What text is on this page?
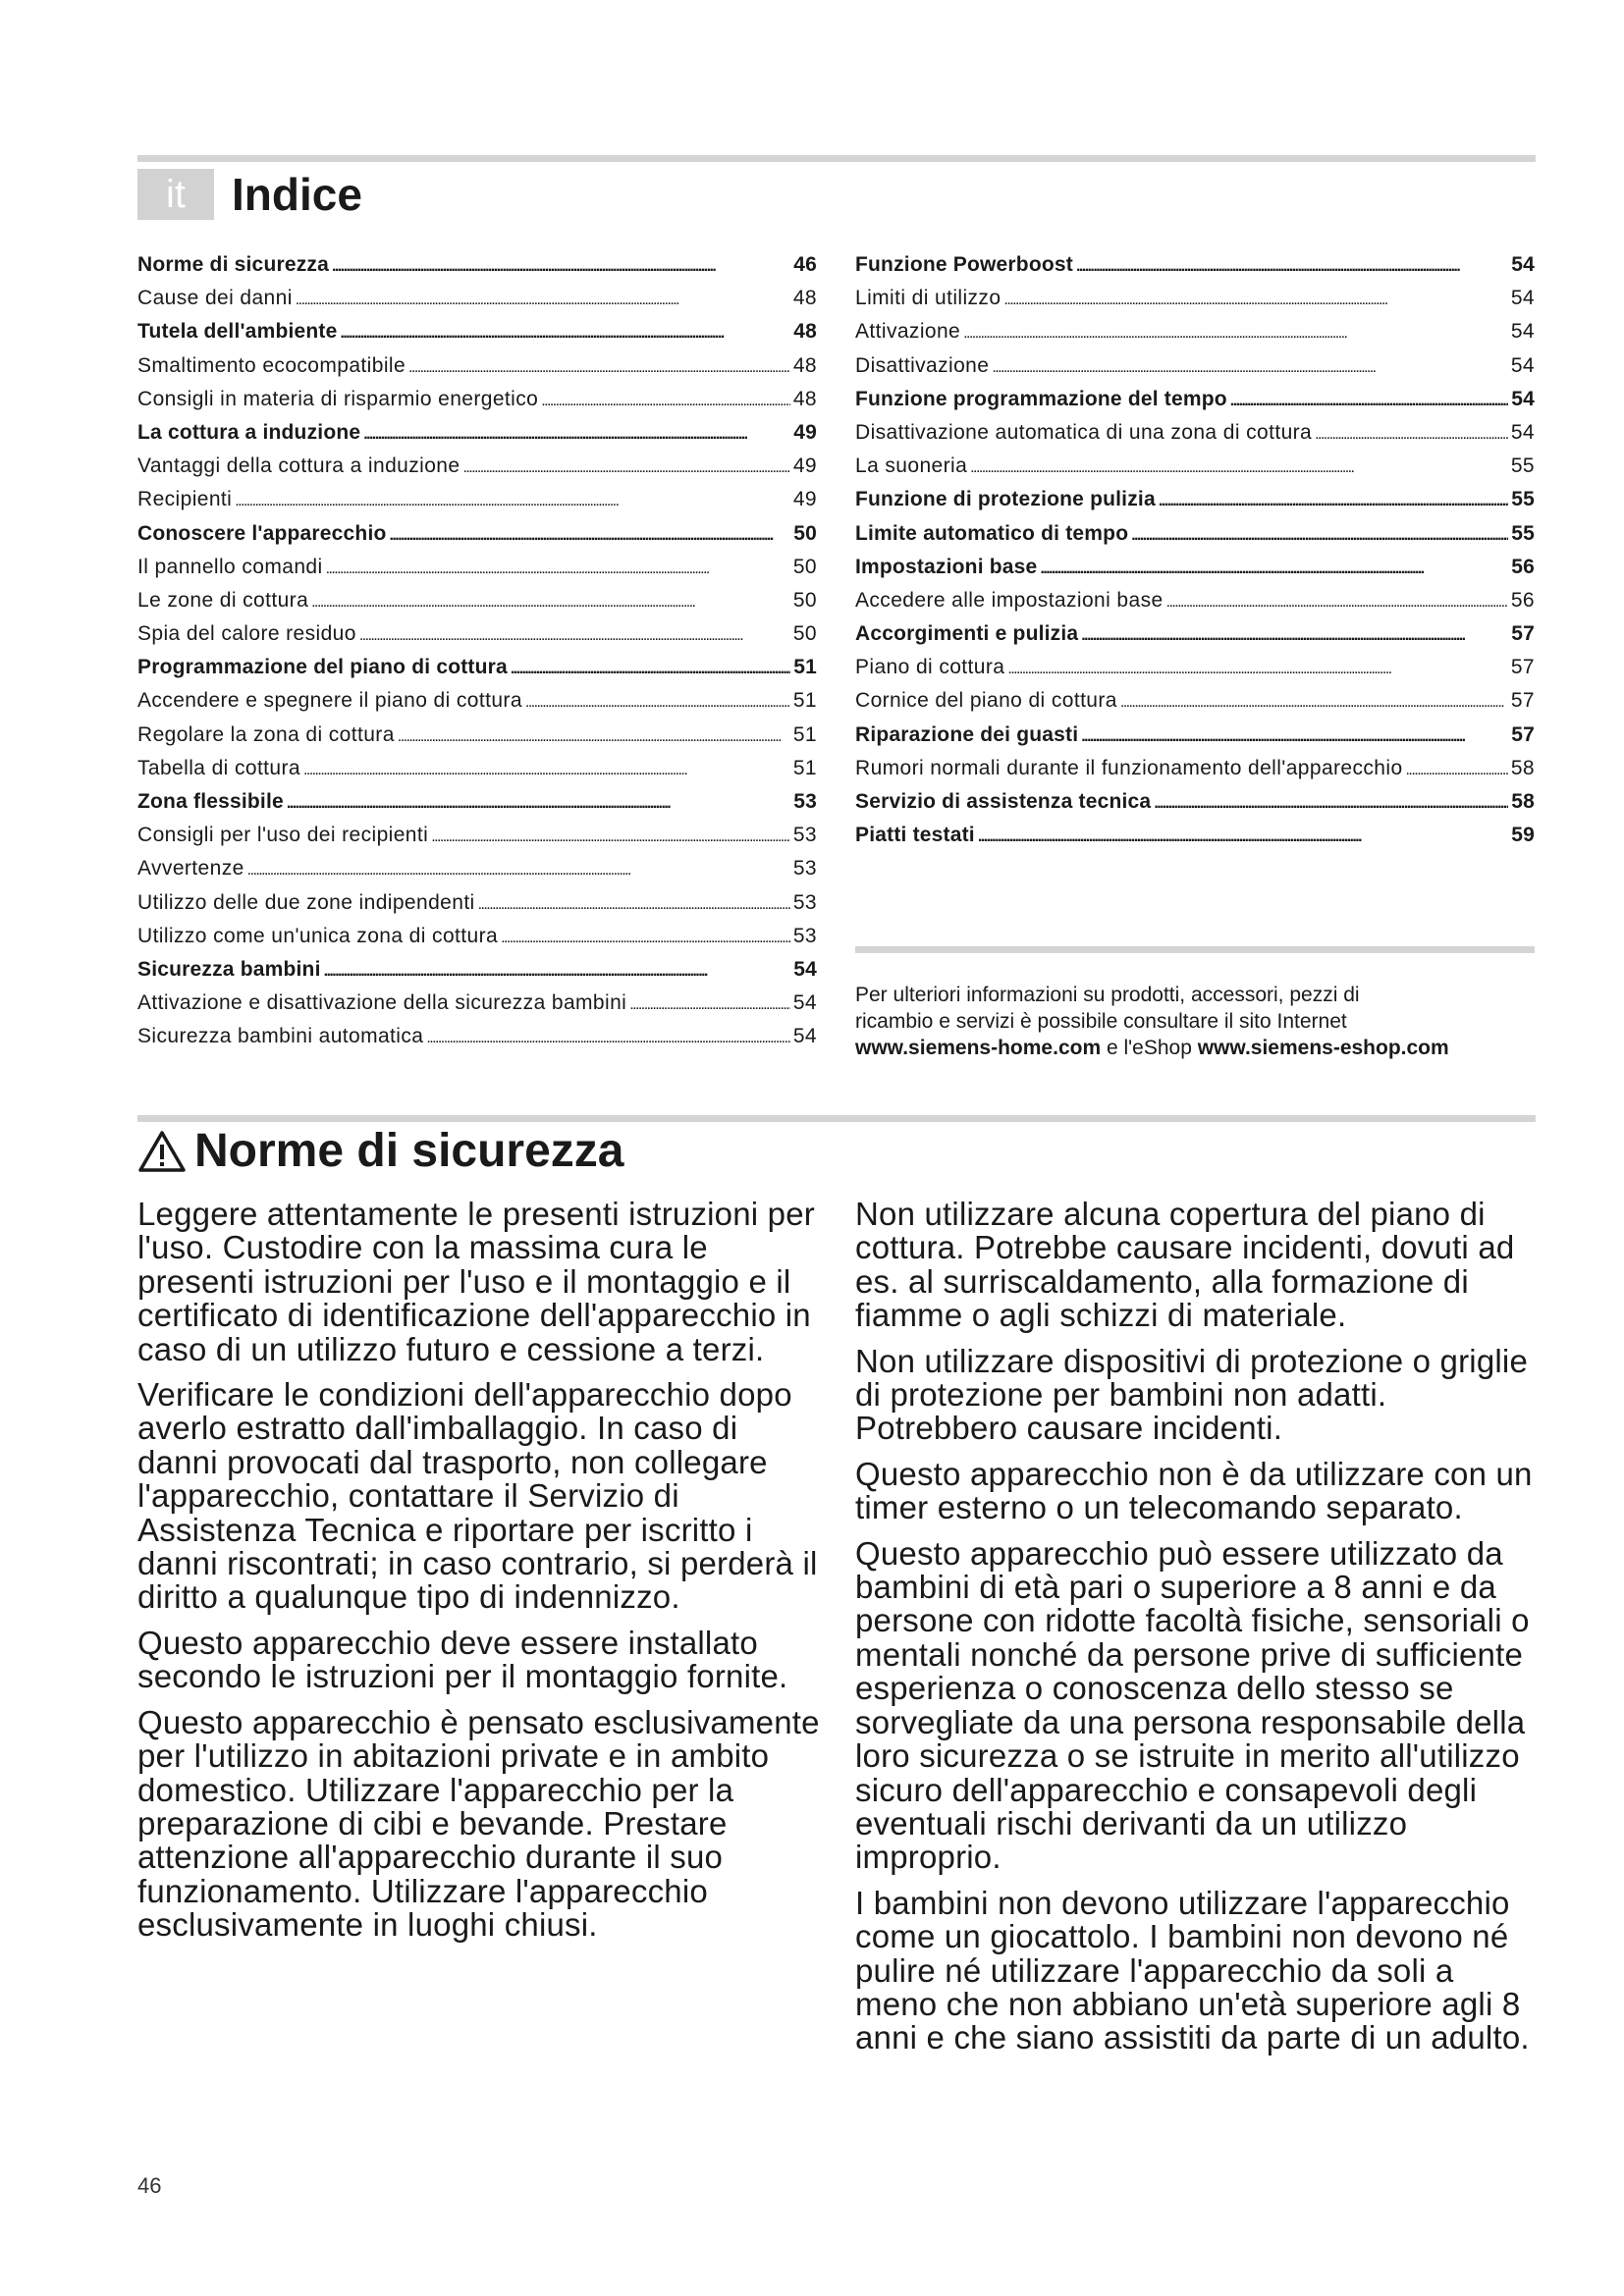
it	Indice
Norme di sicurezza . . .	46
Cause dei danni . . .	48
Tutela dell'ambiente . . .	48
Smaltimento ecocompatibile . . .	48
Consigli in materia di risparmio energetico . . .	48
La cottura a induzione . . .	49
Vantaggi della cottura a induzione . . .	49
Recipienti . . .	49
Conoscere l'apparecchio . . .	50
Il pannello comandi . . .	50
Le zone di cottura . . .	50
Spia del calore residuo . . .	50
Programmazione del piano di cottura . . .	51
Accendere e spegnere il piano di cottura . . .	51
Regolare la zona di cottura . . .	51
Tabella di cottura . . .	51
Zona flessibile . . .	53
Consigli per l'uso dei recipienti . . .	53
Avvertenze . . .	53
Utilizzo delle due zone indipendenti . . .	53
Utilizzo come un'unica zona di cottura . . .	53
Sicurezza bambini . . .	54
Attivazione e disattivazione della sicurezza bambini . . .	54
Sicurezza bambini automatica . . .	54
Funzione Powerboost . . .	54
Limiti di utilizzo . . .	54
Attivazione . . .	54
Disattivazione . . .	54
Funzione programmazione del tempo . . .	54
Disattivazione automatica di una zona di cottura . . .	54
La suoneria . . .	55
Funzione di protezione pulizia . . .	55
Limite automatico di tempo . . .	55
Impostazioni base . . .	56
Accedere alle impostazioni base . . .	56
Accorgimenti e pulizia . . .	57
Piano di cottura . . .	57
Cornice del piano di cottura . . .	57
Riparazione dei guasti . . .	57
Rumori normali durante il funzionamento dell'apparecchio . . .	58
Servizio di assistenza tecnica . . .	58
Piatti testati . . .	59

Per ulteriori informazioni su prodotti, accessori, pezzi di
ricambio e servizi è possibile consultare il sito Internet
www.siemens-home.com e l'eShop www.siemens-eshop.com

Norme di sicurezza

Leggere attentamente le presenti istruzioni per l'uso. Custodire con la massima cura le presenti istruzioni per l'uso e il montaggio e il certificato di identificazione dell'apparecchio in caso di un utilizzo futuro e cessione a terzi.

Verificare le condizioni dell'apparecchio dopo averlo estratto dall'imballaggio. In caso di danni provocati dal trasporto, non collegare l'apparecchio, contattare il Servizio di Assistenza Tecnica e riportare per iscritto i danni riscontrati; in caso contrario, si perderà il diritto a qualunque tipo di indennizzo.

Questo apparecchio deve essere installato secondo le istruzioni per il montaggio fornite.

Questo apparecchio è pensato esclusivamente per l'utilizzo in abitazioni private e in ambito domestico. Utilizzare l'apparecchio per la preparazione di cibi e bevande. Prestare attenzione all'apparecchio durante il suo funzionamento. Utilizzare l'apparecchio esclusivamente in luoghi chiusi.

Non utilizzare alcuna copertura del piano di cottura. Potrebbe causare incidenti, dovuti ad es. al surriscaldamento, alla formazione di fiamme o agli schizzi di materiale.

Non utilizzare dispositivi di protezione o griglie di protezione per bambini non adatti. Potrebbero causare incidenti.

Questo apparecchio non è da utilizzare con un timer esterno o un telecomando separato.

Questo apparecchio può essere utilizzato da bambini di età pari o superiore a 8 anni e da persone con ridotte facoltà fisiche, sensoriali o mentali nonché da persone prive di sufficiente esperienza o conoscenza dello stesso se sorvegliate da una persona responsabile della loro sicurezza o se istruite in merito all'utilizzo sicuro dell'apparecchio e consapevoli degli eventuali rischi derivanti da un utilizzo improprio.

I bambini non devono utilizzare l'apparecchio come un giocattolo. I bambini non devono né pulire né utilizzare l'apparecchio da soli a meno che non abbiano un'età superiore agli 8 anni e che siano assistiti da parte di un adulto.

46
